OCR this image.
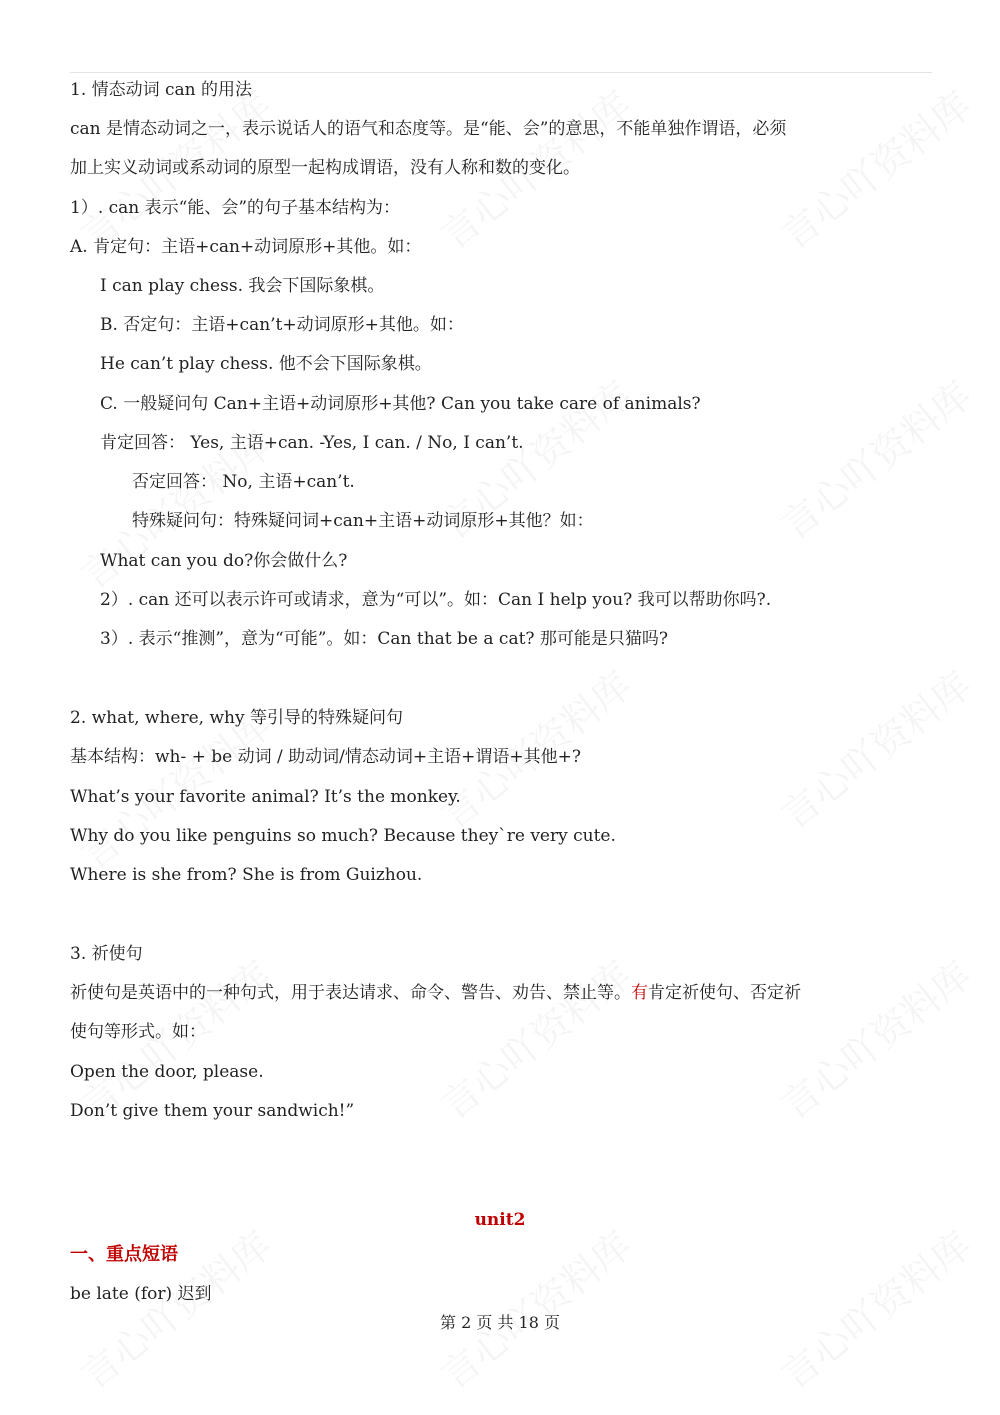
1. 情态动词 can 的用法
can 是情态动词之一，表示说话人的语气和态度等。是“能、会”的意思，不能单独作谓语，必须
加上实义动词或系动词的原型一起构成谓语，没有人称和数的变化。
1）. can 表示“能、会”的句子基本结构为：
A. 肯定句：主语+can+动词原形+其他。如：
I can play chess. 我会下国际象棋。
B. 否定句：主语+can’t+动词原形+其他。如：
He can’t play chess. 他不会下国际象棋。
C. 一般疑问句 Can+主语+动词原形+其他? Can you take care of animals?
肯定回答： Yes, 主语+can. -Yes, I can. / No, I can’t.
否定回答： No, 主语+can’t.
特殊疑问句：特殊疑问词+can+主语+动词原形+其他？如：
What can you do?你会做什么?
2）. can 还可以表示许可或请求，意为“可以”。如：Can I help you? 我可以帮助你吗?.
3）. 表示“推测”，意为“可能”。如：Can that be a cat? 那可能是只猫吗?
2. what, where, why 等引导的特殊疑问句
基本结构：wh- + be 动词 / 助动词/情态动词+主语+谓语+其他+?
What’s your favorite animal? It’s the monkey.
Why do you like penguins so much? Because they`re very cute.
Where is she from? She is from Guizhou.
3. 祈使句
祈使句是英语中的一种句式，用于表达请求、命令、警告、劝告、禁止等。有肯定祈使句、否定祈
使句等形式。如：
Open the door, please.
Don’t give them your sandwich!”
unit2
一、重点短语
be late (for) 迟到
第 2 页 共 18 页
